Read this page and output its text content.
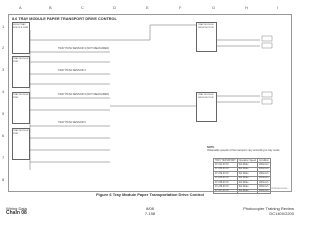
A	B	C	D	E	F	G	H	I
1
2
3
4
5
6
7
8
8.6 TRAY MODULE PAPER TRANSPORT DRIVE CONTROL
FROM TRAY MODULE PWB
TRAY MODULE PWB
TRAY MODULE PWB
TRAY MODULE PWB
TRAY PATH SENSOR 3 (NOT MEASURED)
TRAY PATH SENSOR 4
TRAY PATH SENSOR 5 (NOT MEASURED)
TRAY PATH SENSOR 6
TRAY MODULE DRIVE MOTOR
TRAY MODULE DRIVE MOTOR
NOTE
Obtainable speeds of the transport vary according to tray mode
TRAY TRANSPORT	Operation Speed	Condition
07-231-00 IN	Std Mode	180mm/s
07-232-00 IN	Std Mode	180mm/s
07-233-00 IN	Std Mode	180mm/s
07-234-00 IN	Std Mode	180mm/s
07-235-00 IN	Std Mode	180mm/s
07-236-00 IN	Std Mode	180mm/s
07-237-00 IN	Std Mode	180mm/s
CP5E3144-2200
Figure 6 Tray Module Paper Transportation Drive Control
Wiring Data
Chain 08
8/08
7-198
Photocopier Training Review
DC1400/2200
